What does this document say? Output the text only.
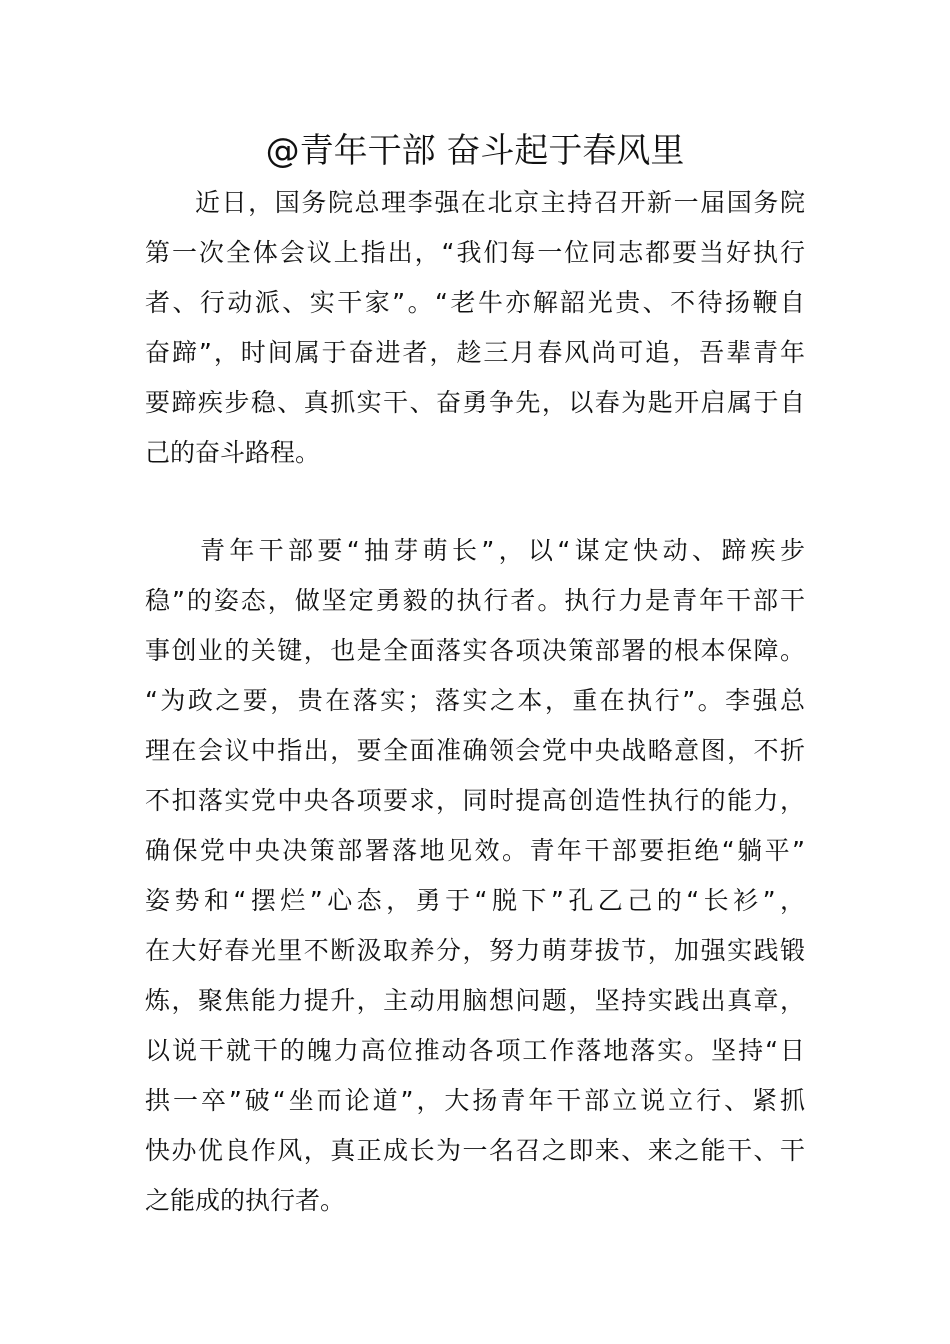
@青年干部 奋斗起于春风里
近日，国务院总理李强在北京主持召开新一届国务院
第一次全体会议上指出，“我们每一位同志都要当好执行
者、行动派、实干家”。“老牛亦解韶光贵、不待扬鞭自
奋蹄”，时间属于奋进者，趁三月春风尚可追，吾辈青年
要蹄疾步稳、真抓实干、奋勇争先，以春为匙开启属于自
己的奋斗路程。
青年干部要“抽芽萌长”，以“谋定快动、蹄疾步
稳”的姿态，做坚定勇毅的执行者。执行力是青年干部干
事创业的关键，也是全面落实各项决策部署的根本保障。
“为政之要，贵在落实；落实之本，重在执行”。李强总
理在会议中指出，要全面准确领会党中央战略意图，不折
不扣落实党中央各项要求，同时提高创造性执行的能力，
确保党中央决策部署落地见效。青年干部要拒绝“躺平”
姿势和“摆烂”心态，勇于“脱下”孔乙己的“长衫”，
在大好春光里不断汲取养分，努力萌芽拔节，加强实践锻
炼，聚焦能力提升，主动用脑想问题，坚持实践出真章，
以说干就干的魄力高位推动各项工作落地落实。坚持“日
拱一卒”破“坐而论道”，大扬青年干部立说立行、紧抓
快办优良作风，真正成长为一名召之即来、来之能干、干
之能成的执行者。
